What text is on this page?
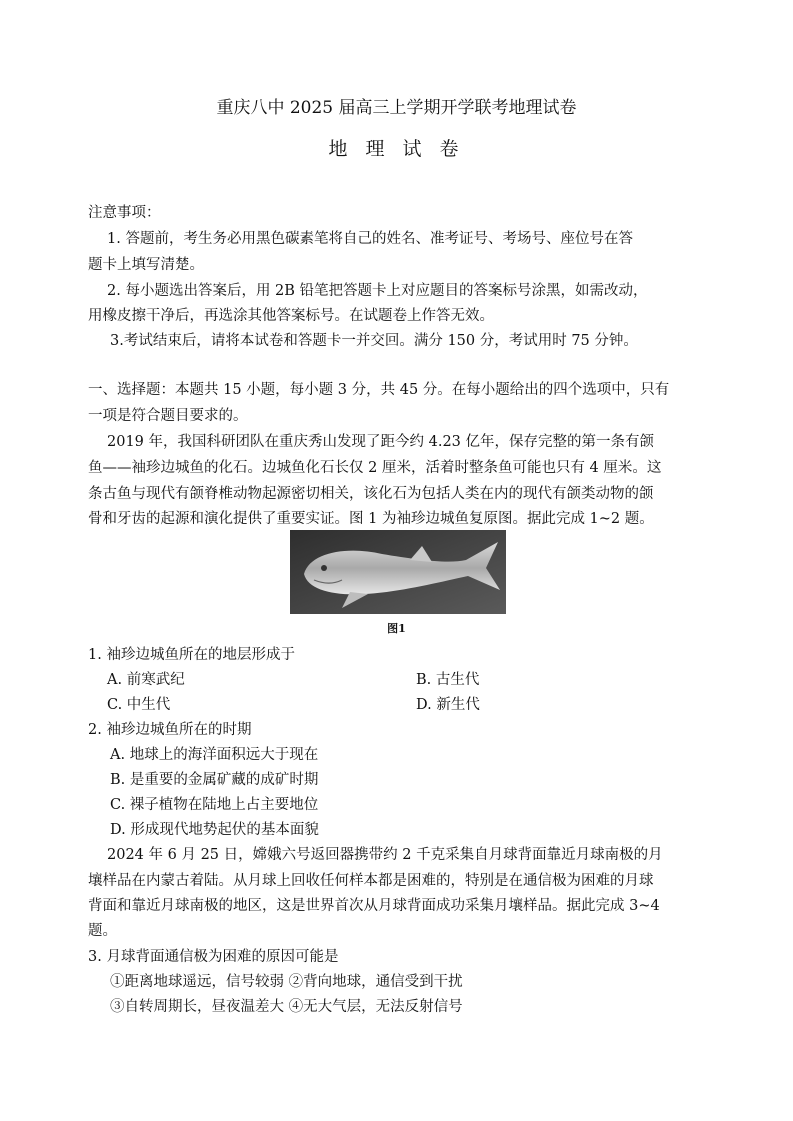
重庆八中 2025 届高三上学期开学联考地理试卷
地 理 试 卷
注意事项：
1. 答题前，考生务必用黑色碳素笔将自己的姓名、准考证号、考场号、座位号在答
题卡上填写清楚。
2. 每小题选出答案后，用 2B 铅笔把答题卡上对应题目的答案标号涂黑，如需改动，
用橡皮擦干净后，再选涂其他答案标号。在试题卷上作答无效。
3.考试结束后，请将本试卷和答题卡一并交回。满分 150 分，考试用时 75 分钟。
一、选择题：本题共 15 小题，每小题 3 分，共 45 分。在每小题给出的四个选项中，只有
一项是符合题目要求的。
2019 年，我国科研团队在重庆秀山发现了距今约 4.23 亿年，保存完整的第一条有颌
鱼——袖珍边城鱼的化石。边城鱼化石长仅 2 厘米，活着时整条鱼可能也只有 4 厘米。这
条古鱼与现代有颌脊椎动物起源密切相关，该化石为包括人类在内的现代有颌类动物的颌
骨和牙齿的起源和演化提供了重要实证。图 1 为袖珍边城鱼复原图。据此完成 1~2 题。
图1
1. 袖珍边城鱼所在的地层形成于
A. 前寒武纪	B. 古生代
C. 中生代	D. 新生代
2. 袖珍边城鱼所在的时期
A. 地球上的海洋面积远大于现在
B. 是重要的金属矿藏的成矿时期
C. 裸子植物在陆地上占主要地位
D. 形成现代地势起伏的基本面貌
2024 年 6 月 25 日，嫦娥六号返回器携带约 2 千克采集自月球背面靠近月球南极的月
壤样品在内蒙古着陆。从月球上回收任何样本都是困难的，特别是在通信极为困难的月球
背面和靠近月球南极的地区，这是世界首次从月球背面成功采集月壤样品。据此完成 3~4
题。
3. 月球背面通信极为困难的原因可能是
①距离地球遥远，信号较弱 ②背向地球，通信受到干扰
③自转周期长，昼夜温差大 ④无大气层，无法反射信号
